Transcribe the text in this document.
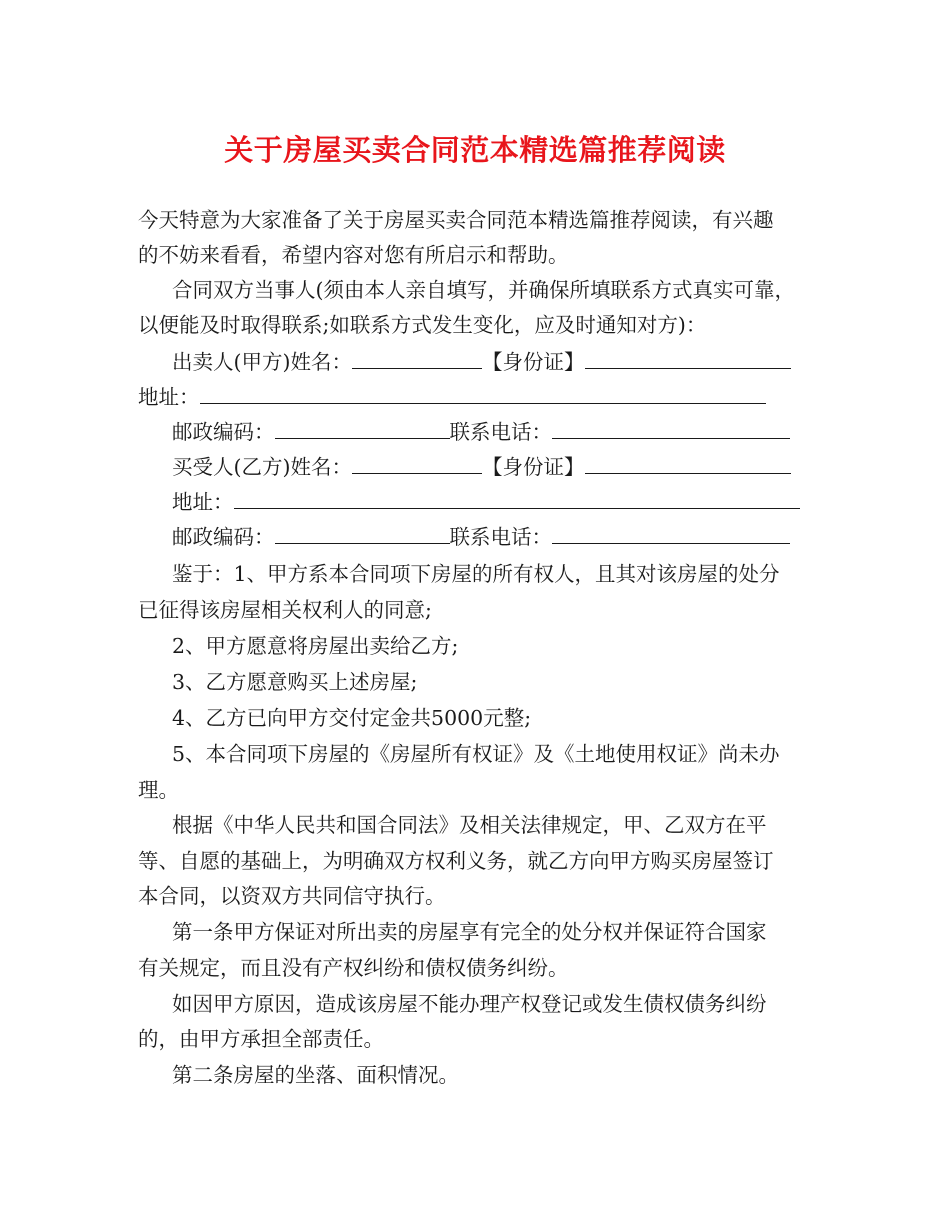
关于房屋买卖合同范本精选篇推荐阅读
今天特意为大家准备了关于房屋买卖合同范本精选篇推荐阅读，有兴趣
的不妨来看看，希望内容对您有所启示和帮助。
合同双方当事人(须由本人亲自填写，并确保所填联系方式真实可靠，
以便能及时取得联系;如联系方式发生变化，应及时通知对方)：
出卖人(甲方)姓名：	【身份证】
地址：
邮政编码：	联系电话：
买受人(乙方)姓名：	【身份证】
地址：
邮政编码：	联系电话：
鉴于：1、甲方系本合同项下房屋的所有权人，且其对该房屋的处分
已征得该房屋相关权利人的同意;
2、甲方愿意将房屋出卖给乙方;
3、乙方愿意购买上述房屋;
4、乙方已向甲方交付定金共5000元整;
5、本合同项下房屋的《房屋所有权证》及《土地使用权证》尚未办
理。
根据《中华人民共和国合同法》及相关法律规定，甲、乙双方在平
等、自愿的基础上，为明确双方权利义务，就乙方向甲方购买房屋签订
本合同，以资双方共同信守执行。
第一条甲方保证对所出卖的房屋享有完全的处分权并保证符合国家
有关规定，而且没有产权纠纷和债权债务纠纷。
如因甲方原因，造成该房屋不能办理产权登记或发生债权债务纠纷
的，由甲方承担全部责任。
第二条房屋的坐落、面积情况。
